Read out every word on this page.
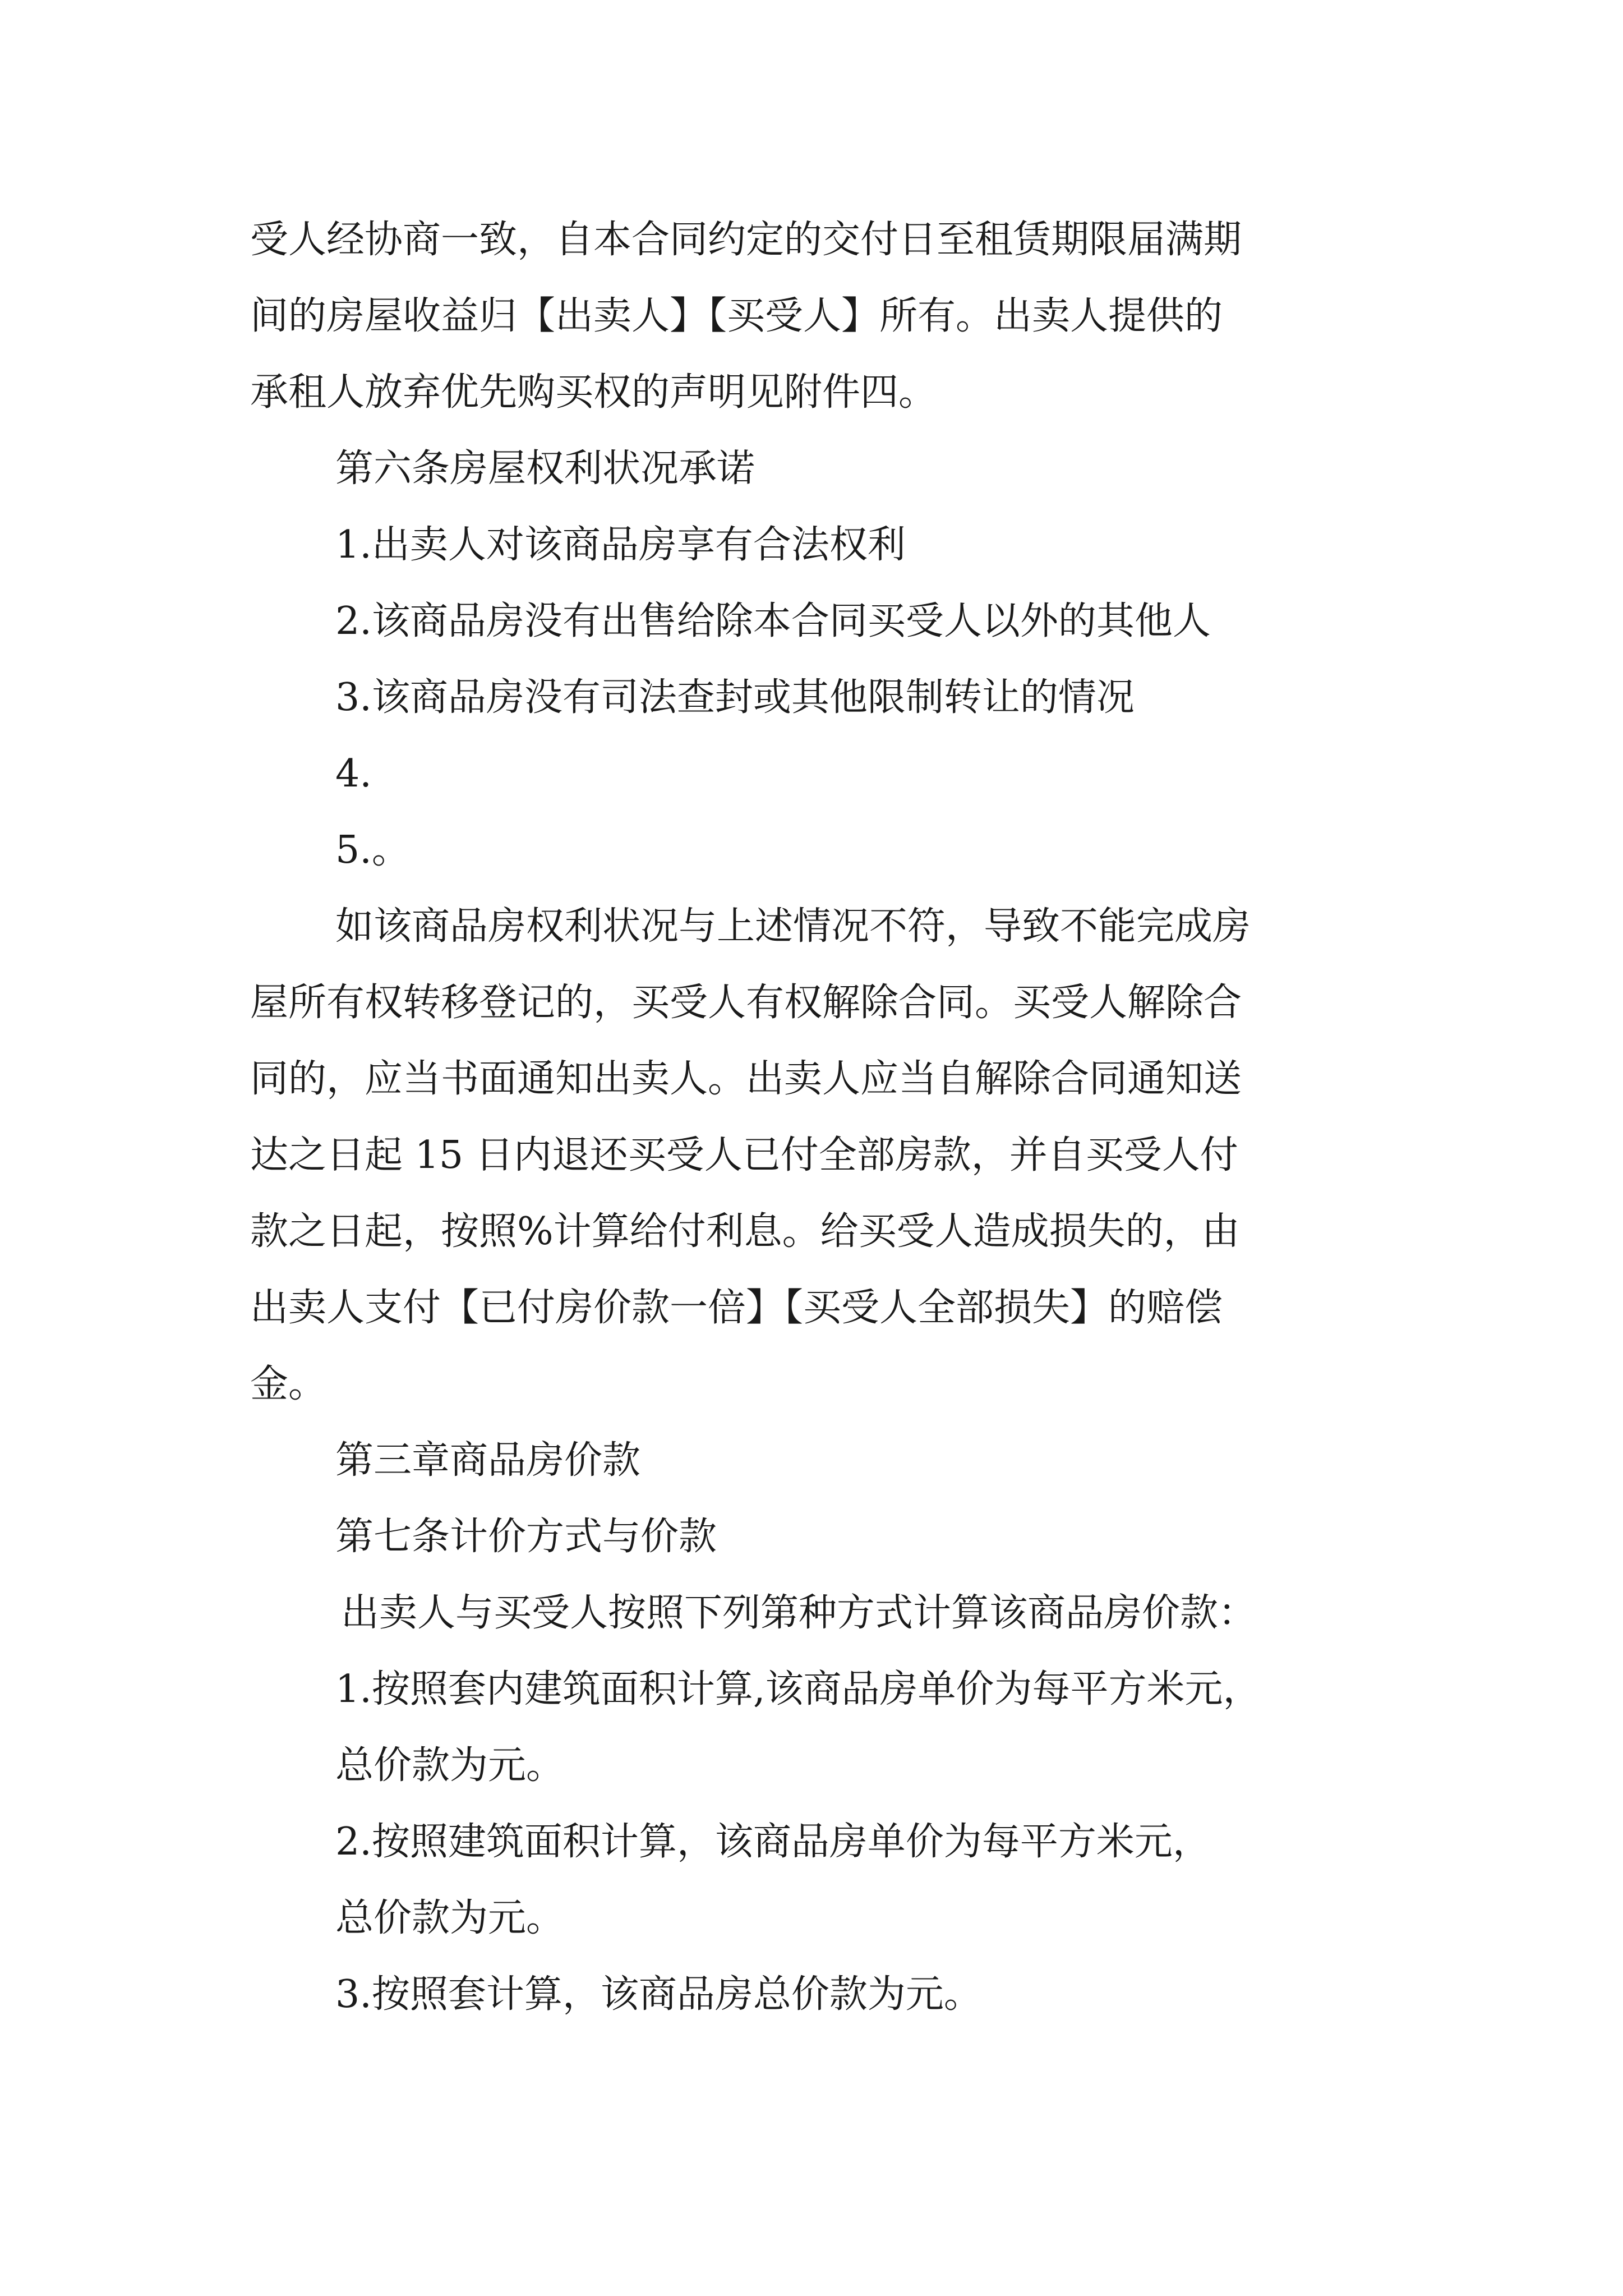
受人经协商一致，自本合同约定的交付日至租赁期限届满期
间的房屋收益归【出卖人】【买受人】所有。出卖人提供的
承租人放弃优先购买权的声明见附件四。
第六条房屋权利状况承诺
1.出卖人对该商品房享有合法权利
2.该商品房没有出售给除本合同买受人以外的其他人
3.该商品房没有司法查封或其他限制转让的情况
4.
5.。
如该商品房权利状况与上述情况不符，导致不能完成房
屋所有权转移登记的，买受人有权解除合同。买受人解除合
同的，应当书面通知出卖人。出卖人应当自解除合同通知送
达之日起 15 日内退还买受人已付全部房款，并自买受人付
款之日起，按照%计算给付利息。给买受人造成损失的，由
出卖人支付【已付房价款一倍】【买受人全部损失】的赔偿
金。
第三章商品房价款
第七条计价方式与价款
出卖人与买受人按照下列第种方式计算该商品房价款：
1.按照套内建筑面积计算,该商品房单价为每平方米元，
总价款为元。
2.按照建筑面积计算，该商品房单价为每平方米元，
总价款为元。
3.按照套计算，该商品房总价款为元。
